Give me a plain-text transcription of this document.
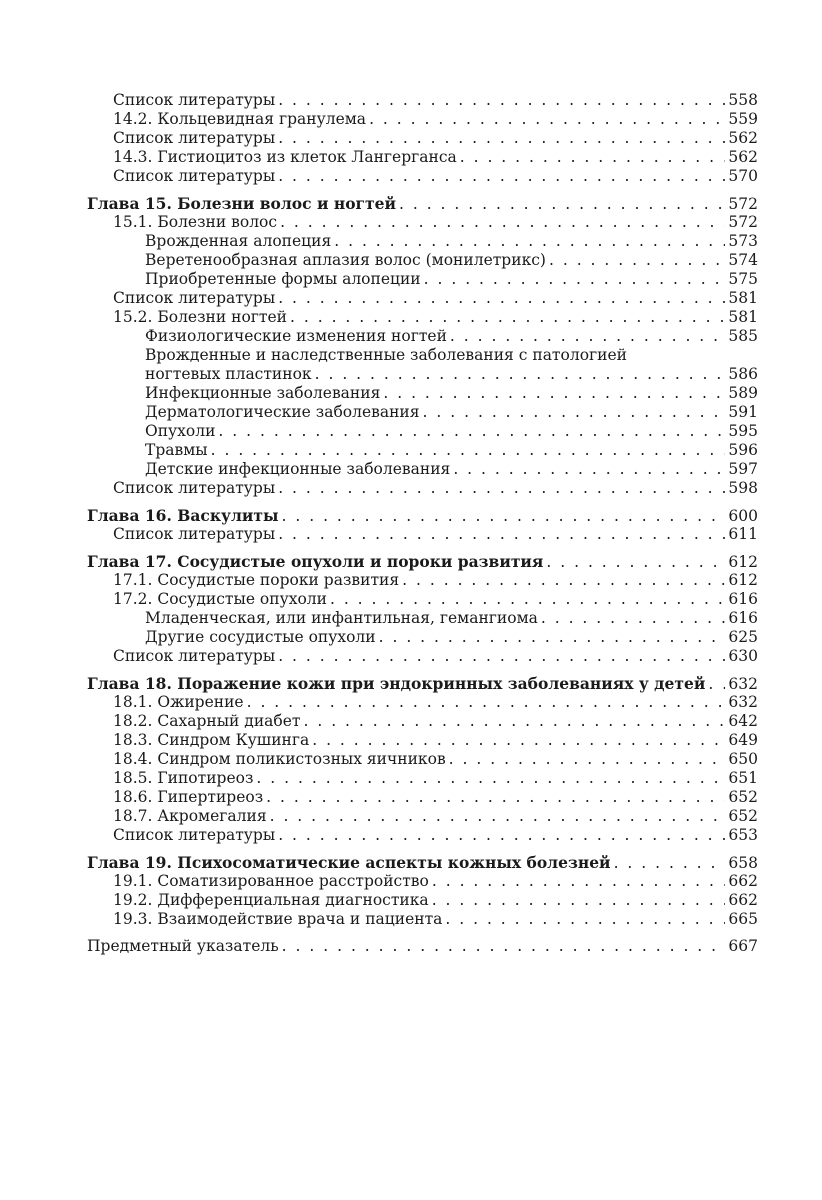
Список литературы . . .	558
14.2. Кольцевидная гранулема . . .	559
Список литературы . . .	562
14.3. Гистиоцитоз из клеток Лангерганса . . .	562
Список литературы . . .	570
Глава 15. Болезни волос и ногтей . . .	572
15.1. Болезни волос . . .	572
Врожденная алопеция . . .	573
Веретенообразная аплазия волос (монилетрикс) . . .	574
Приобретенные формы алопеции . . .	575
Список литературы . . .	581
15.2. Болезни ногтей . . .	581
Физиологические изменения ногтей . . .	585
Врожденные и наследственные заболевания с патологией
ногтевых пластинок . . .	586
Инфекционные заболевания . . .	589
Дерматологические заболевания . . .	591
Опухоли . . .	595
Травмы . . .	596
Детские инфекционные заболевания . . .	597
Список литературы . . .	598
Глава 16. Васкулиты . . .	600
Список литературы . . .	611
Глава 17. Сосудистые опухоли и пороки развития . . .	612
17.1. Сосудистые пороки развития . . .	612
17.2. Сосудистые опухоли . . .	616
Младенческая, или инфантильная, гемангиома . . .	616
Другие сосудистые опухоли . . .	625
Список литературы . . .	630
Глава 18. Поражение кожи при эндокринных заболеваниях у детей . . . 632
18.1. Ожирение . . .	632
18.2. Сахарный диабет . . .	642
18.3. Синдром Кушинга . . .	649
18.4. Синдром поликистозных яичников . . .	650
18.5. Гипотиреоз . . .	651
18.6. Гипертиреоз . . .	652
18.7. Акромегалия . . .	652
Список литературы . . .	653
Глава 19. Психосоматические аспекты кожных болезней . . .	658
19.1. Соматизированное расстройство . . .	662
19.2. Дифференциальная диагностика . . .	662
19.3. Взаимодействие врача и пациента . . .	665
Предметный указатель . . .	667
